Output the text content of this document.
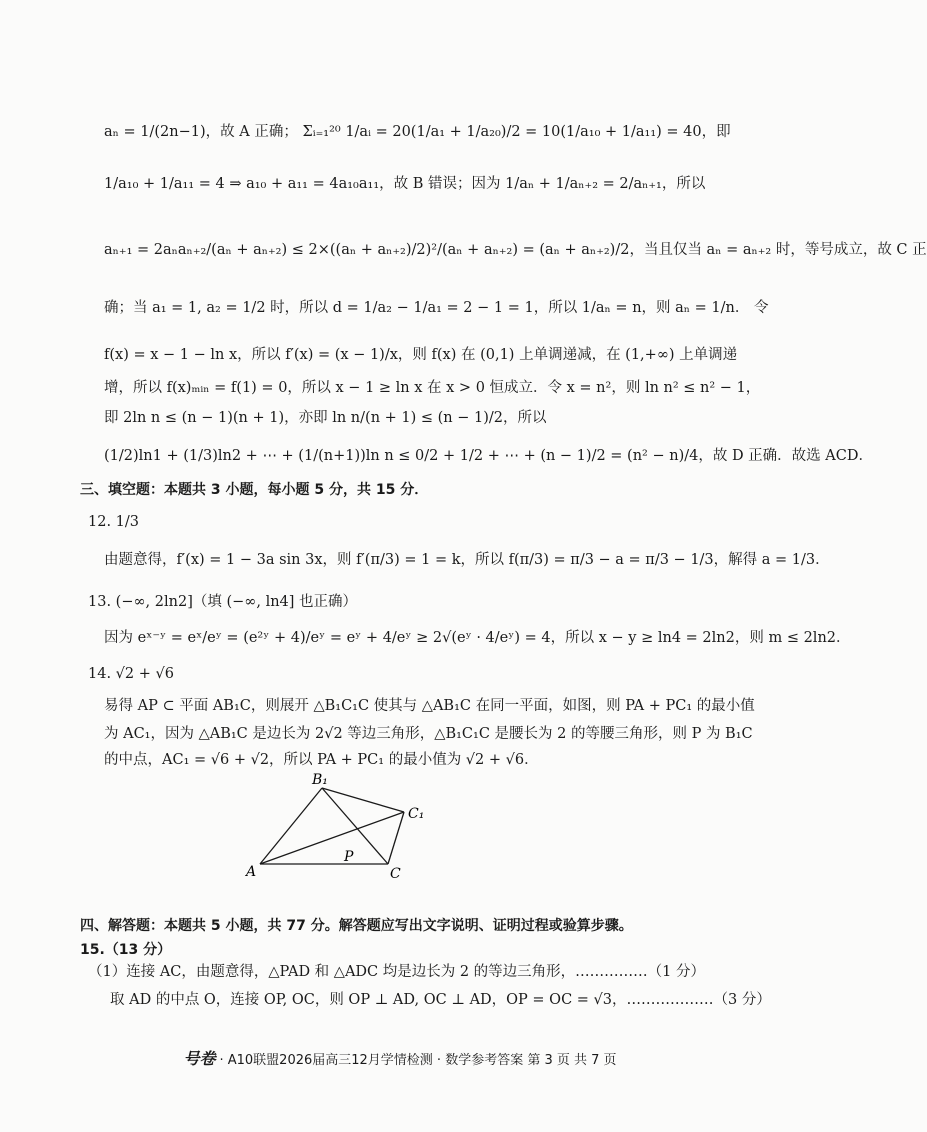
aₙ = 1/(2n−1)，故 A 正确； Σᵢ₌₁²⁰ 1/aᵢ = 20(1/a₁ + 1/a₂₀)/2 = 10(1/a₁₀ + 1/a₁₁) = 40，即
1/a₁₀ + 1/a₁₁ = 4 ⇒ a₁₀ + a₁₁ = 4a₁₀a₁₁，故 B 错误；因为 1/aₙ + 1/aₙ₊₂ = 2/aₙ₊₁，所以
aₙ₊₁ = 2aₙaₙ₊₂/(aₙ + aₙ₊₂) ≤ 2×((aₙ + aₙ₊₂)/2)²/(aₙ + aₙ₊₂) = (aₙ + aₙ₊₂)/2，当且仅当 aₙ = aₙ₊₂ 时，等号成立，故 C 正
确；当 a₁ = 1, a₂ = 1/2 时，所以 d = 1/a₂ − 1/a₁ = 2 − 1 = 1，所以 1/aₙ = n，则 aₙ = 1/n． 令
f(x) = x − 1 − ln x，所以 f′(x) = (x − 1)/x，则 f(x) 在 (0,1) 上单调递减，在 (1,+∞) 上单调递
增，所以 f(x)ₘᵢₙ = f(1) = 0，所以 x − 1 ≥ ln x 在 x > 0 恒成立．令 x = n²，则 ln n² ≤ n² − 1，
即 2ln n ≤ (n − 1)(n + 1)，亦即 ln n/(n + 1) ≤ (n − 1)/2，所以
(1/2)ln1 + (1/3)ln2 + ⋯ + (1/(n+1))ln n ≤ 0/2 + 1/2 + ⋯ + (n − 1)/2 = (n² − n)/4，故 D 正确．故选 ACD．
三、填空题：本题共 3 小题，每小题 5 分，共 15 分．
12. 1/3
由题意得，f′(x) = 1 − 3a sin 3x，则 f′(π/3) = 1 = k，所以 f(π/3) = π/3 − a = π/3 − 1/3，解得 a = 1/3．
13. (−∞, 2ln2]（填 (−∞, ln4] 也正确）
因为 eˣ⁻ʸ = eˣ/eʸ = (e²ʸ + 4)/eʸ = eʸ + 4/eʸ ≥ 2√(eʸ · 4/eʸ) = 4，所以 x − y ≥ ln4 = 2ln2，则 m ≤ 2ln2．
14. √2 + √6
易得 AP ⊂ 平面 AB₁C，则展开 △B₁C₁C 使其与 △AB₁C 在同一平面，如图，则 PA + PC₁ 的最小值
为 AC₁，因为 △AB₁C 是边长为 2√2 等边三角形，△B₁C₁C 是腰长为 2 的等腰三角形，则 P 为 B₁C
的中点，AC₁ = √6 + √2，所以 PA + PC₁ 的最小值为 √2 + √6．
B₁
C₁
P
A	C
四、解答题：本题共 5 小题，共 77 分。解答题应写出文字说明、证明过程或验算步骤。
15.（13 分）
（1）连接 AC，由题意得，△PAD 和 △ADC 均是边长为 2 的等边三角形，……………（1 分）
取 AD 的中点 O，连接 OP, OC，则 OP ⊥ AD, OC ⊥ AD，OP = OC = √3，………………（3 分）
号卷 · A10联盟2026届高三12月学情检测 · 数学参考答案 第 3 页 共 7 页
